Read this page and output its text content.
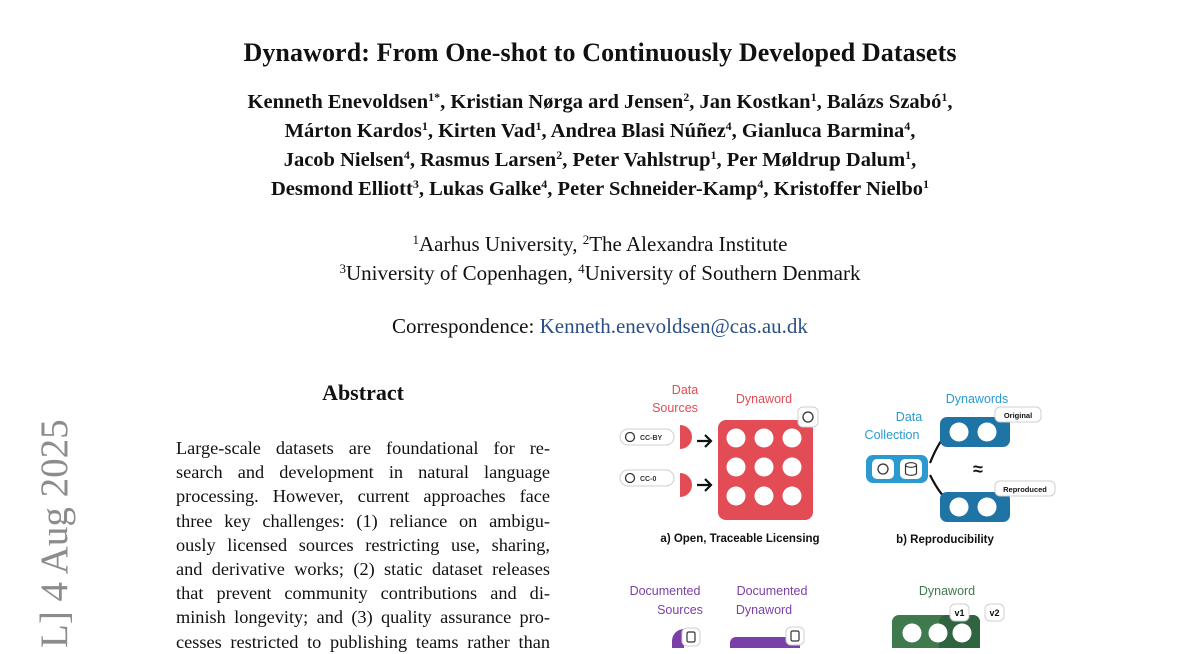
Dynaword: From One-shot to Continuously Developed Datasets
Kenneth Enevoldsen$^{1*}$, Kristian Nørga ard Jensen$^2$, Jan Kostkan$^1$, Balázs Szabó$^1$,
Márton Kardos$^1$, Kirten Vad$^1$, Andrea Blasi Núñez$^4$, Gianluca Barmina$^4$,
Jacob Nielsen$^4$, Rasmus Larsen$^2$, Peter Vahlstrup$^1$, Per Møldrup Dalum$^1$,
Desmond Elliott$^3$, Lukas Galke$^4$, Peter Schneider-Kamp$^4$, Kristoffer Nielbo$^1$
$^1$Aarhus University, $^2$The Alexandra Institute
$^3$University of Copenhagen, $^4$University of Southern Denmark
Correspondence: Kenneth.enevoldsen@cas.au.dk
L] 4 Aug 2025
Abstract
Large-scale datasets are foundational for re-
search and development in natural language
processing. However, current approaches face
three key challenges: (1) reliance on ambigu-
ously licensed sources restricting use, sharing,
and derivative works; (2) static dataset releases
that prevent community contributions and di-
minish longevity; and (3) quality assurance pro-
cesses restricted to publishing teams rather than
Data
Sources
Dynaword
CC-BY
CC-0
a) Open, Traceable Licensing
Dynawords
Data
Collection
Original
≈
Reproduced
b) Reproducibility
Documented
Sources
Documented
Dynaword
Dynaword
v1	v2
